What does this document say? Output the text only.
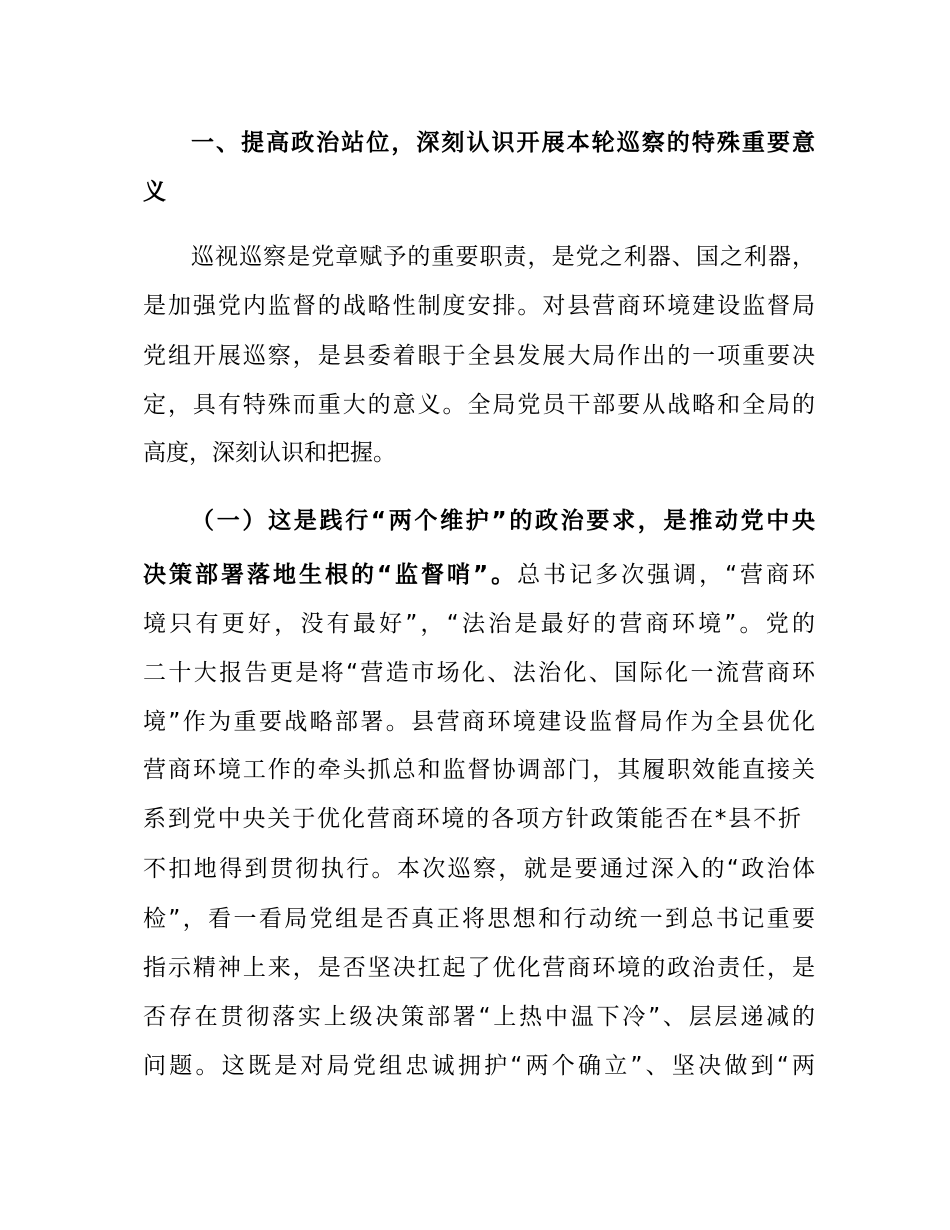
一、提高政治站位，深刻认识开展本轮巡察的特殊重要意
义
巡视巡察是党章赋予的重要职责，是党之利器、国之利器，
是加强党内监督的战略性制度安排。对县营商环境建设监督局
党组开展巡察，是县委着眼于全县发展大局作出的一项重要决
定，具有特殊而重大的意义。全局党员干部要从战略和全局的
高度，深刻认识和把握。
（一）这是践行“两个维护”的政治要求，是推动党中央
决策部署落地生根的“监督哨”。总书记多次强调，“营商环
境只有更好，没有最好”，“法治是最好的营商环境”。党的
二十大报告更是将“营造市场化、法治化、国际化一流营商环
境”作为重要战略部署。县营商环境建设监督局作为全县优化
营商环境工作的牵头抓总和监督协调部门，其履职效能直接关
系到党中央关于优化营商环境的各项方针政策能否在*县不折
不扣地得到贯彻执行。本次巡察，就是要通过深入的“政治体
检”，看一看局党组是否真正将思想和行动统一到总书记重要
指示精神上来，是否坚决扛起了优化营商环境的政治责任，是
否存在贯彻落实上级决策部署“上热中温下冷”、层层递减的
问题。这既是对局党组忠诚拥护“两个确立”、坚决做到“两
